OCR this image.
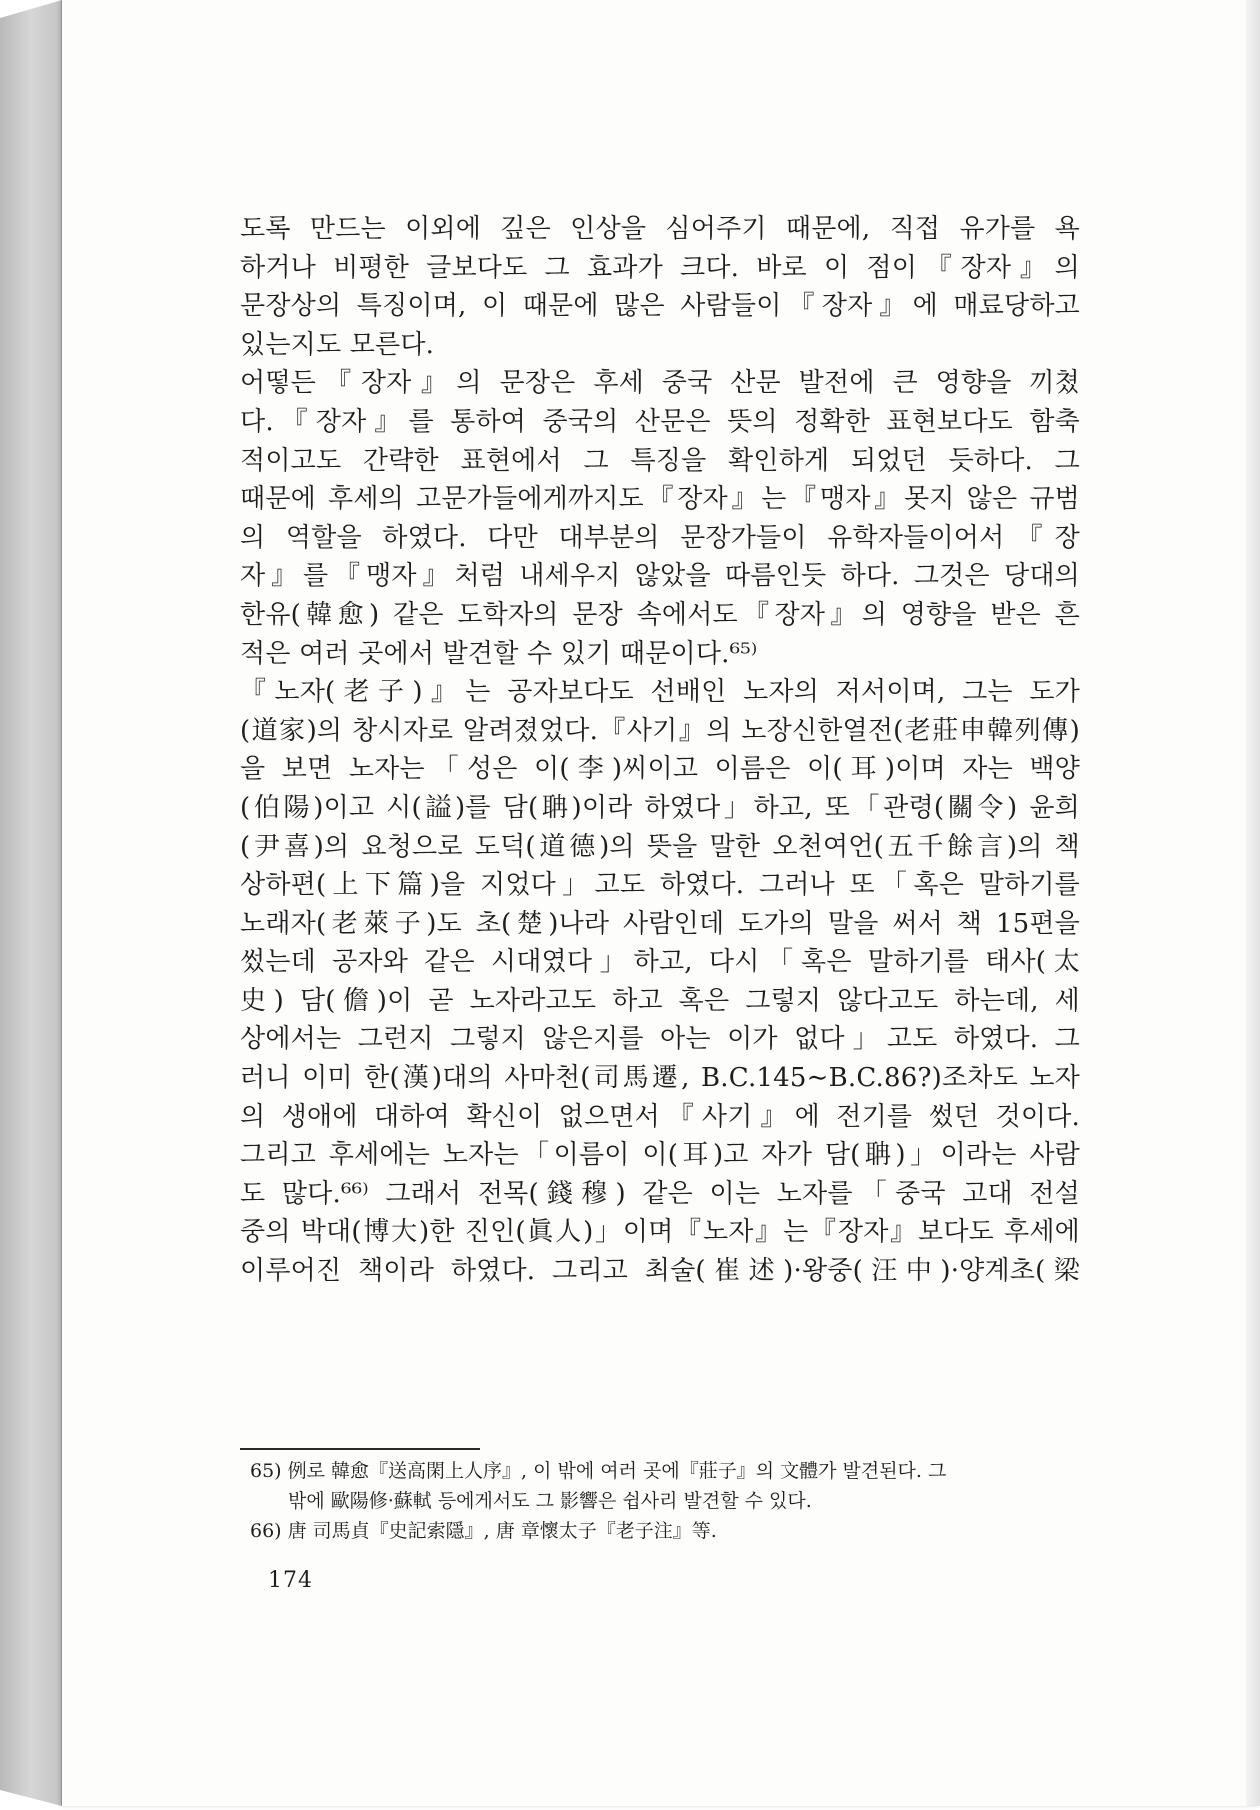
도록 만드는 이외에 깊은 인상을 심어주기 때문에, 직접 유가를 욕
하거나 비평한 글보다도 그 효과가 크다. 바로 이 점이『장자』의
문장상의 특징이며, 이 때문에 많은 사람들이『장자』에 매료당하고
있는지도 모른다.
어떻든『장자』의 문장은 후세 중국 산문 발전에 큰 영향을 끼쳤
다.『장자』를 통하여 중국의 산문은 뜻의 정확한 표현보다도 함축
적이고도 간략한 표현에서 그 특징을 확인하게 되었던 듯하다. 그
때문에 후세의 고문가들에게까지도『장자』는『맹자』못지 않은 규범
의 역할을 하였다. 다만 대부분의 문장가들이 유학자들이어서『장
자』를『맹자』처럼 내세우지 않았을 따름인듯 하다. 그것은 당대의
한유(韓愈) 같은 도학자의 문장 속에서도『장자』의 영향을 받은 흔
적은 여러 곳에서 발견할 수 있기 때문이다.⁶⁵⁾
『노자(老子)』는 공자보다도 선배인 노자의 저서이며, 그는 도가
(道家)의 창시자로 알려졌었다.『사기』의 노장신한열전(老莊申韓列傳)
을 보면 노자는「성은 이(李)씨이고 이름은 이(耳)이며 자는 백양
(伯陽)이고 시(謚)를 담(聃)이라 하였다」하고, 또「관령(關令) 윤희
(尹喜)의 요청으로 도덕(道德)의 뜻을 말한 오천여언(五千餘言)의 책
상하편(上下篇)을 지었다」고도 하였다. 그러나 또「혹은 말하기를
노래자(老萊子)도 초(楚)나라 사람인데 도가의 말을 써서 책 15편을
썼는데 공자와 같은 시대였다」하고, 다시「혹은 말하기를 태사(太
史) 담(儋)이 곧 노자라고도 하고 혹은 그렇지 않다고도 하는데, 세
상에서는 그런지 그렇지 않은지를 아는 이가 없다」고도 하였다. 그
러니 이미 한(漢)대의 사마천(司馬遷, B.C.145∼B.C.86?)조차도 노자
의 생애에 대하여 확신이 없으면서『사기』에 전기를 썼던 것이다.
그리고 후세에는 노자는「이름이 이(耳)고 자가 담(聃)」이라는 사람
도 많다.⁶⁶⁾ 그래서 전목(錢穆) 같은 이는 노자를「중국 고대 전설
중의 박대(博大)한 진인(眞人)」이며『노자』는『장자』보다도 후세에
이루어진 책이라 하였다. 그리고 최술(崔述)·왕중(汪中)·양계초(梁
65) 例로 韓愈『送高閑上人序』, 이 밖에 여러 곳에『莊子』의 文體가 발견된다. 그
밖에 歐陽修·蘇軾 등에게서도 그 影響은 쉽사리 발견할 수 있다.
66) 唐 司馬貞『史記索隱』, 唐 章懷太子『老子注』等.
174
